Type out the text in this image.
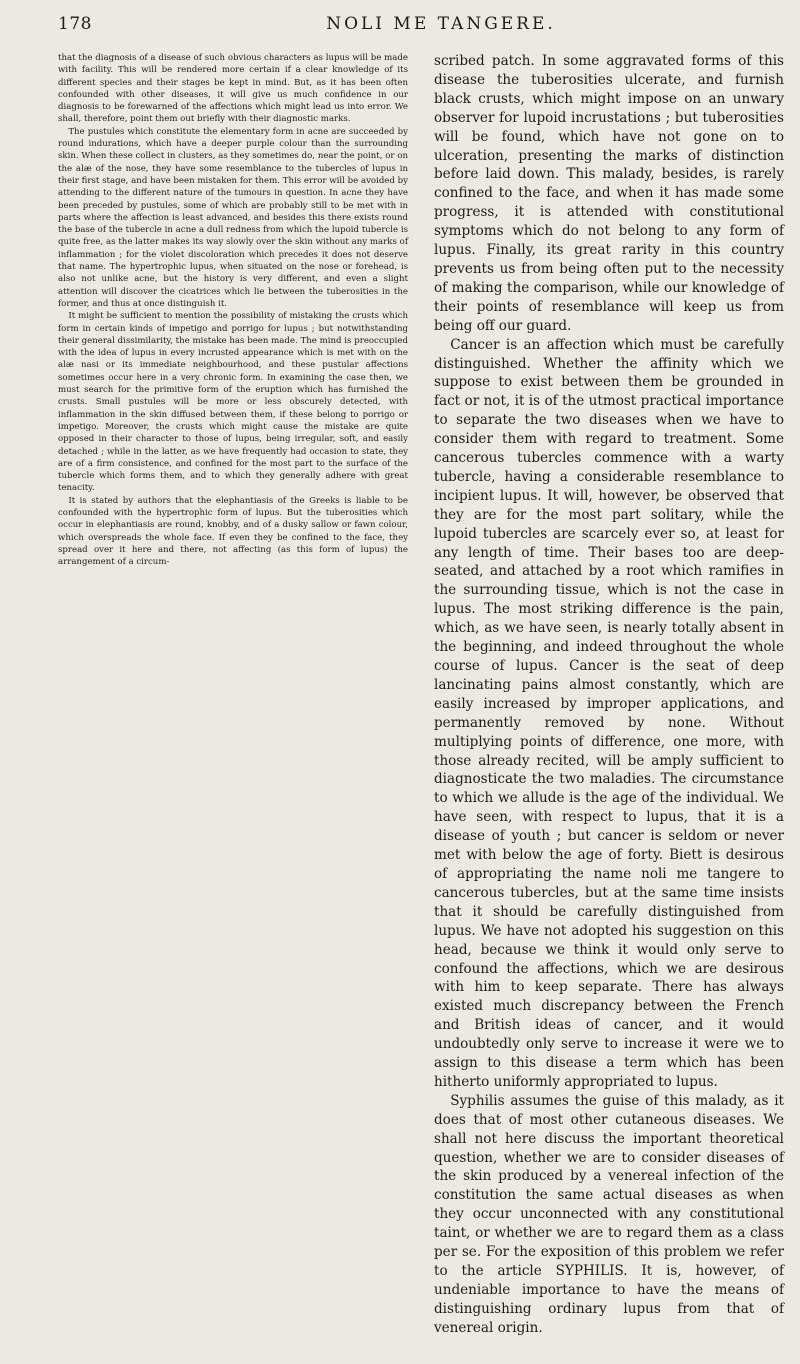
178	NOLI ME TANGERE.

that the diagnosis of a disease of such obvious characters as lupus will be made with facility. This will be rendered more certain if a clear knowledge of its different species and their stages be kept in mind. But, as it has been often confounded with other diseases, it will give us much confidence in our diagnosis to be forewarned of the affections which might lead us into error. We shall, therefore, point them out briefly with their diagnostic marks.

The pustules which constitute the elementary form in acne are succeeded by round indurations, which have a deeper purple colour than the surrounding skin. When these collect in clusters, as they sometimes do, near the point, or on the alæ of the nose, they have some resemblance to the tubercles of lupus in their first stage, and have been mistaken for them. This error will be avoided by attending to the different nature of the tumours in question. In acne they have been preceded by pustules, some of which are probably still to be met with in parts where the affection is least advanced, and besides this there exists round the base of the tubercle in acne a dull redness from which the lupoid tubercle is quite free, as the latter makes its way slowly over the skin without any marks of inflammation ; for the violet discoloration which precedes it does not deserve that name. The hypertrophic lupus, when situated on the nose or forehead, is also not unlike acne, but the history is very different, and even a slight attention will discover the cicatrices which lie between the tuberosities in the former, and thus at once distinguish it.

It might be sufficient to mention the possibility of mistaking the crusts which form in certain kinds of impetigo and porrigo for lupus ; but notwithstanding their general dissimilarity, the mistake has been made. The mind is preoccupied with the idea of lupus in every incrusted appearance which is met with on the alæ nasi or its immediate neighbourhood, and these pustular affections sometimes occur here in a very chronic form. In examining the case then, we must search for the primitive form of the eruption which has furnished the crusts. Small pustules will be more or less obscurely detected, with inflammation in the skin diffused between them, if these belong to porrigo or impetigo. Moreover, the crusts which might cause the mistake are quite opposed in their character to those of lupus, being irregular, soft, and easily detached ; while in the latter, as we have frequently had occasion to state, they are of a firm consistence, and confined for the most part to the surface of the tubercle which forms them, and to which they generally adhere with great tenacity.

It is stated by authors that the elephantiasis of the Greeks is liable to be confounded with the hypertrophic form of lupus. But the tuberosities which occur in elephantiasis are round, knobby, and of a dusky sallow or fawn colour, which overspreads the whole face. If even they be confined to the face, they spread over it here and there, not affecting (as this form of lupus) the arrangement of a circum-

scribed patch. In some aggravated forms of this disease the tuberosities ulcerate, and furnish black crusts, which might impose on an unwary observer for lupoid incrustations ; but tuberosities will be found, which have not gone on to ulceration, presenting the marks of distinction before laid down. This malady, besides, is rarely confined to the face, and when it has made some progress, it is attended with constitutional symptoms which do not belong to any form of lupus. Finally, its great rarity in this country prevents us from being often put to the necessity of making the comparison, while our knowledge of their points of resemblance will keep us from being off our guard.

Cancer is an affection which must be carefully distinguished. Whether the affinity which we suppose to exist between them be grounded in fact or not, it is of the utmost practical importance to separate the two diseases when we have to consider them with regard to treatment. Some cancerous tubercles commence with a warty tubercle, having a considerable resemblance to incipient lupus. It will, however, be observed that they are for the most part solitary, while the lupoid tubercles are scarcely ever so, at least for any length of time. Their bases too are deep-seated, and attached by a root which ramifies in the surrounding tissue, which is not the case in lupus. The most striking difference is the pain, which, as we have seen, is nearly totally absent in the beginning, and indeed throughout the whole course of lupus. Cancer is the seat of deep lancinating pains almost constantly, which are easily increased by improper applications, and permanently removed by none. Without multiplying points of difference, one more, with those already recited, will be amply sufficient to diagnosticate the two maladies. The circumstance to which we allude is the age of the individual. We have seen, with respect to lupus, that it is a disease of youth ; but cancer is seldom or never met with below the age of forty. Biett is desirous of appropriating the name noli me tangere to cancerous tubercles, but at the same time insists that it should be carefully distinguished from lupus. We have not adopted his suggestion on this head, because we think it would only serve to confound the affections, which we are desirous with him to keep separate. There has always existed much discrepancy between the French and British ideas of cancer, and it would undoubtedly only serve to increase it were we to assign to this disease a term which has been hitherto uniformly appropriated to lupus.

Syphilis assumes the guise of this malady, as it does that of most other cutaneous diseases. We shall not here discuss the important theoretical question, whether we are to consider diseases of the skin produced by a venereal infection of the constitution the same actual diseases as when they occur unconnected with any constitutional taint, or whether we are to regard them as a class per se. For the exposition of this problem we refer to the article SYPHILIS. It is, however, of undeniable importance to have the means of distinguishing ordinary lupus from that of venereal origin.
